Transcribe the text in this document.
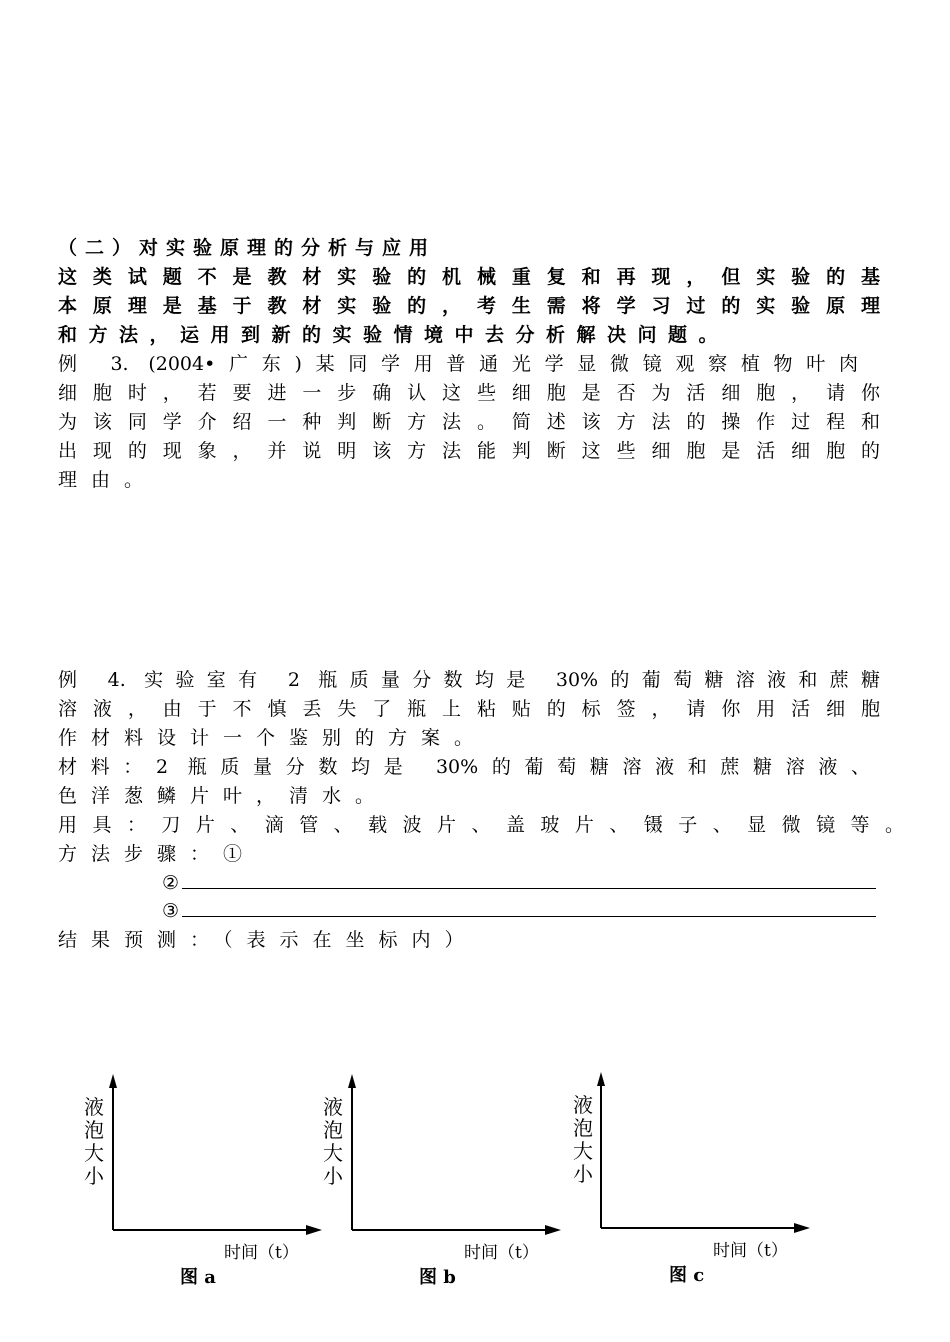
（二）对实验原理的分析与应用
这类试题不是教材实验的机械重复和再现，但实验的基
本原理是基于教材实验的，考生需将学习过的实验原理
和方法，运用到新的实验情境中去分析解决问题。
例 3. (2004•广东)某同学用普通光学显微镜观察植物叶肉
细胞时，若要进一步确认这些细胞是否为活细胞，请你
为该同学介绍一种判断方法。简述该方法的操作过程和
出现的现象，并说明该方法能判断这些细胞是活细胞的
理由。
例 4. 实验室有 2 瓶质量分数均是 30%的葡萄糖溶液和蔗糖
溶液，由于不慎丢失了瓶上粘贴的标签，请你用活细胞
作材料设计一个鉴别的方案。
材料：2 瓶质量分数均是 30%的葡萄糖溶液和蔗糖溶液、
色洋葱鳞片叶，清水。
用具：刀片、滴管、载波片、盖玻片、镊子、显微镜等。
方法步骤：①
②
③
结果预测：（表示在坐标内）
液
泡
大
小
时间（t）
图 a
液
泡
大
小
时间（t）
图 b
液
泡
大
小
时间（t）
图 c
